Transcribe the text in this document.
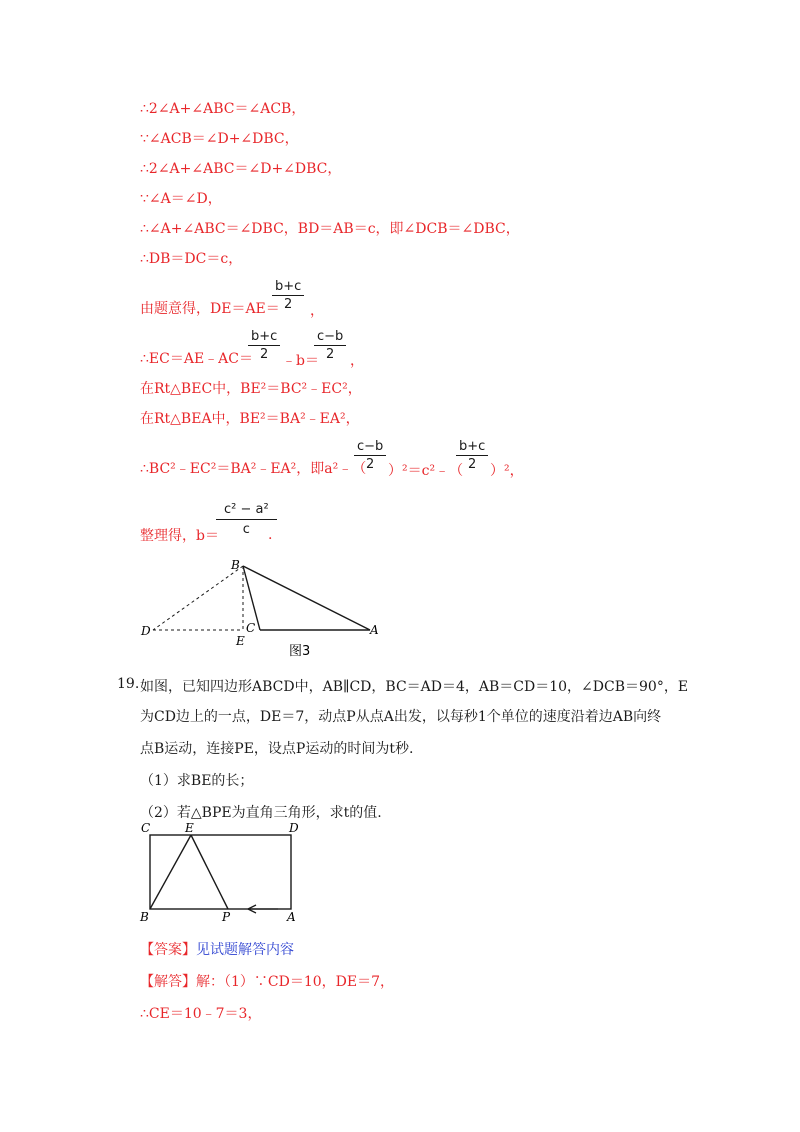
∴2∠A+∠ABC＝∠ACB，
∵∠ACB＝∠D+∠DBC，
∴2∠A+∠ABC＝∠D+∠DBC，
∵∠A＝∠D，
∴∠A+∠ABC＝∠DBC，BD＝AB＝c，即∠DCB＝∠DBC，
∴DB＝DC＝c，
由题意得，DE＝AE＝
$\frac{b+c}{2}$ ，
∴EC＝AE﹣AC＝
$\frac{b+c}{2}$ ﹣b＝
$\frac{c-b}{2}$ ，
在Rt△BEC中，BE²＝BC²﹣EC²，
在Rt△BEA中，BE²＝BA²﹣EA²，
∴BC²﹣EC²＝BA²﹣EA²，即a²﹣（
$\frac{c-b}{2}$ ）²＝c²﹣（
$\frac{b+c}{2} )^2$，
整理得，b＝
$\frac{\text{c² − a²}}{c}$
.
B
D	C	A
E
图3
19. 如图，已知四边形ABCD中，AB∥CD，BC＝AD＝4，AB＝CD＝10，∠DCB＝90°，E
为CD边上的一点，DE＝7，动点P从点A出发，以每秒1个单位的速度沿着边AB向终
点B运动，连接PE，设点P运动的时间为t秒.
（1）求BE的长；
（2）若△BPE为直角三角形，求t的值.
C	E	D
B	P	A
【答案】见试题解答内容
【解答】解：（1）∵CD＝10，DE＝7，
∴CE＝10﹣7＝3，
